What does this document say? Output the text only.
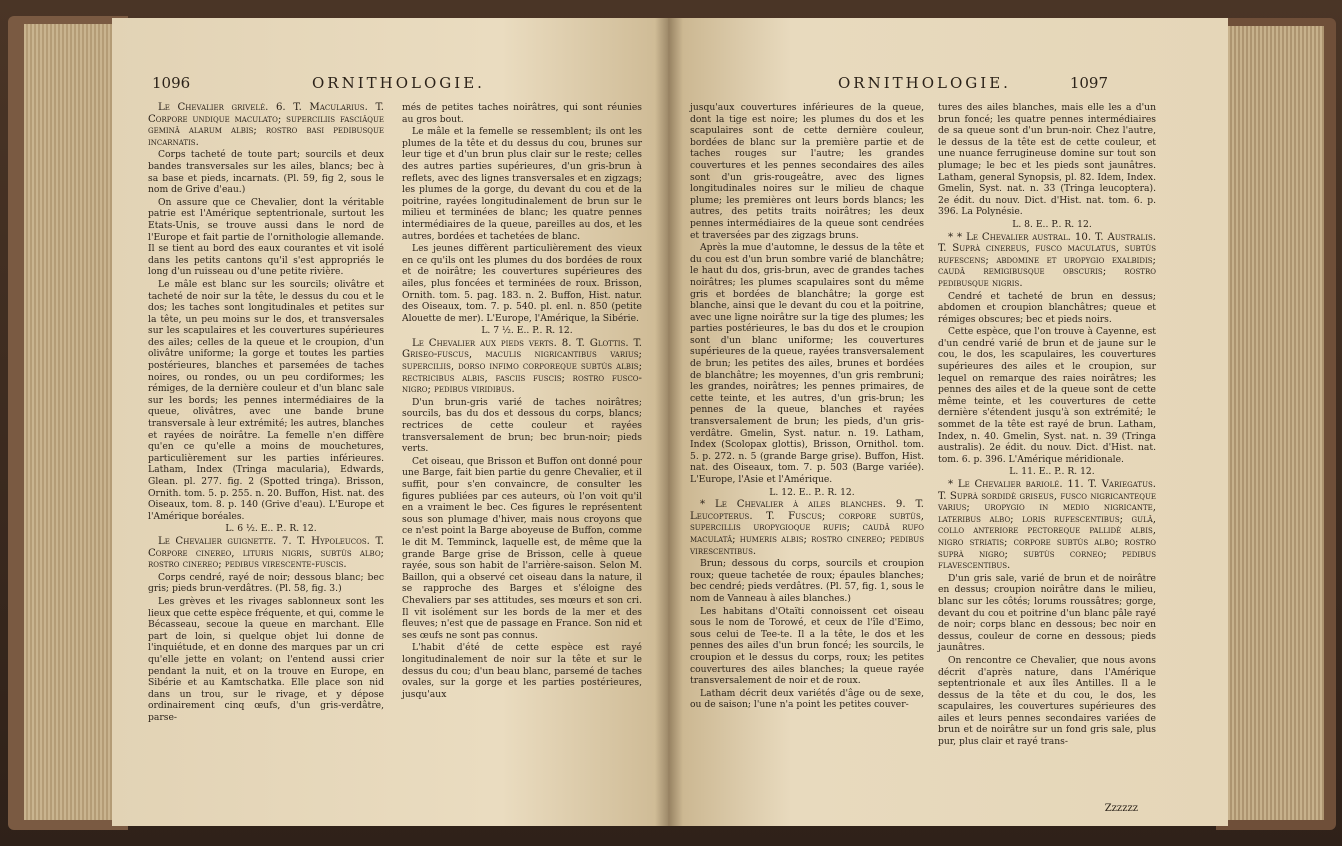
1096	ORNITHOLOGIE.

Le Chevalier grivelé. 6. T. Macularius. T. Corpore undique maculato; superciliis fasciâque geminâ alarum albis; rostro basi pedibusque incarnatis.

Corps tacheté de toute part; sourcils et deux bandes transversales sur les ailes, blancs; bec à sa base et pieds, incarnats. (Pl. 59, fig 2, sous le nom de Grive d'eau.)

On assure que ce Chevalier, dont la véritable patrie est l'Amérique septentrionale, surtout les Etats-Unis, se trouve aussi dans le nord de l'Europe et fait partie de l'ornithologie allemande. Il se tient au bord des eaux courantes et vit isolé dans les petits cantons qu'il s'est appropriés le long d'un ruisseau ou d'une petite rivière.

Le mâle est blanc sur les sourcils; olivâtre et tacheté de noir sur la tête, le dessus du cou et le dos; les taches sont longitudinales et petites sur la tête, un peu moins sur le dos, et transversales sur les scapulaires et les couvertures supérieures des ailes; celles de la queue et le croupion, d'un olivâtre uniforme; la gorge et toutes les parties postérieures, blanches et parsemées de taches noires, ou rondes, ou un peu cordiformes; les rémiges, de la dernière couleur et d'un blanc sale sur les bords; les pennes intermédiaires de la queue, olivâtres, avec une bande brune transversale à leur extrémité; les autres, blanches et rayées de noirâtre. La femelle n'en diffère qu'en ce qu'elle a moins de mouchetures, particulièrement sur les parties inférieures. Latham, Index (Tringa macularia), Edwards, Glean. pl. 277. fig. 2 (Spotted tringa). Brisson, Ornith. tom. 5. p. 255. n. 20. Buffon, Hist. nat. des Oiseaux, tom. 8. p. 140 (Grive d'eau). L'Europe et l'Amérique boréales.

L. 6 ½. E.. P.. R. 12.

Le Chevalier guignette. 7. T. Hypoleucos. T. Corpore cinereo, lituris nigris, subtùs albo; rostro cinereo; pedibus virescente-fuscis.

Corps cendré, rayé de noir; dessous blanc; bec gris; pieds brun-verdâtres. (Pl. 58, fig. 3.)

Les grèves et les rivages sablonneux sont les lieux que cette espèce fréquente, et qui, comme le Bécasseau, secoue la queue en marchant. Elle part de loin, si quelque objet lui donne de l'inquiétude, et en donne des marques par un cri qu'elle jette en volant; on l'entend aussi crier pendant la nuit, et on la trouve en Europe, en Sibérie et au Kamtschatka. Elle place son nid dans un trou, sur le rivage, et y dépose ordinairement cinq œufs, d'un gris-verdâtre, parse-

més de petites taches noirâtres, qui sont réunies au gros bout.

Le mâle et la femelle se ressemblent; ils ont les plumes de la tête et du dessus du cou, brunes sur leur tige et d'un brun plus clair sur le reste; celles des autres parties supérieures, d'un gris-brun à reflets, avec des lignes transversales et en zigzags; les plumes de la gorge, du devant du cou et de la poitrine, rayées longitudinalement de brun sur le milieu et terminées de blanc; les quatre pennes intermédiaires de la queue, pareilles au dos, et les autres, bordées et tachetées de blanc.

Les jeunes diffèrent particulièrement des vieux en ce qu'ils ont les plumes du dos bordées de roux et de noirâtre; les couvertures supérieures des ailes, plus foncées et terminées de roux. Brisson, Ornith. tom. 5. pag. 183. n. 2. Buffon, Hist. natur. des Oiseaux, tom. 7. p. 540. pl. enl. n. 850 (petite Alouette de mer). L'Europe, l'Amérique, la Sibérie.

L. 7 ½. E.. P.. R. 12.

Le Chevalier aux pieds verts. 8. T. Glottis. T. Griseo-fuscus, maculis nigricantibus varius; superciliis, dorso infimo corporeque subtùs albis; rectricibus albis, fasciis fuscis; rostro fusco-nigro; pedibus viridibus.

D'un brun-gris varié de taches noirâtres; sourcils, bas du dos et dessous du corps, blancs; rectrices de cette couleur et rayées transversalement de brun; bec brun-noir; pieds verts.

Cet oiseau, que Brisson et Buffon ont donné pour une Barge, fait bien partie du genre Chevalier, et il suffit, pour s'en convaincre, de consulter les figures publiées par ces auteurs, où l'on voit qu'il en a vraiment le bec. Ces figures le représentent sous son plumage d'hiver, mais nous croyons que ce n'est point la Barge aboyeuse de Buffon, comme le dit M. Temminck, laquelle est, de même que la grande Barge grise de Brisson, celle à queue rayée, sous son habit de l'arrière-saison. Selon M. Baillon, qui a observé cet oiseau dans la nature, il se rapproche des Barges et s'éloigne des Chevaliers par ses attitudes, ses mœurs et son cri. Il vit isolément sur les bords de la mer et des fleuves; n'est que de passage en France. Son nid et ses œufs ne sont pas connus.

L'habit d'été de cette espèce est rayé longitudinalement de noir sur la tête et sur le dessus du cou; d'un beau blanc, parsemé de taches ovales, sur la gorge et les parties postérieures, jusqu'aux

ORNITHOLOGIE.	1097

jusqu'aux couvertures inférieures de la queue, dont la tige est noire; les plumes du dos et les scapulaires sont de cette dernière couleur, bordées de blanc sur la première partie et de taches rouges sur l'autre; les grandes couvertures et les pennes secondaires des ailes sont d'un gris-rougeâtre, avec des lignes longitudinales noires sur le milieu de chaque plume; les premières ont leurs bords blancs; les autres, des petits traits noirâtres; les deux pennes intermédiaires de la queue sont cendrées et traversées par des zigzags bruns.

Après la mue d'automne, le dessus de la tête et du cou est d'un brun sombre varié de blanchâtre; le haut du dos, gris-brun, avec de grandes taches noirâtres; les plumes scapulaires sont du même gris et bordées de blanchâtre; la gorge est blanche, ainsi que le devant du cou et la poitrine, avec une ligne noirâtre sur la tige des plumes; les parties postérieures, le bas du dos et le croupion sont d'un blanc uniforme; les couvertures supérieures de la queue, rayées transversalement de brun; les petites des ailes, brunes et bordées de blanchâtre; les moyennes, d'un gris rembruni; les grandes, noirâtres; les pennes primaires, de cette teinte, et les autres, d'un gris-brun; les pennes de la queue, blanches et rayées transversalement de brun; les pieds, d'un gris-verdâtre. Gmelin, Syst. natur. n. 19. Latham, Index (Scolopax glottis), Brisson, Ornithol. tom. 5. p. 272. n. 5 (grande Barge grise). Buffon, Hist. nat. des Oiseaux, tom. 7. p. 503 (Barge variée). L'Europe, l'Asie et l'Amérique.

L. 12. E.. P.. R. 12.

* Le Chevalier à ailes blanches. 9. T. Leucopterus. T. Fuscus; corpore subtùs, supercillis uropygioque rufis; caudâ rufo maculatâ; humeris albis; rostro cinereo; pedibus virescentibus.

Brun; dessous du corps, sourcils et croupion roux; queue tachetée de roux; épaules blanches; bec cendré; pieds verdâtres. (Pl. 57, fig. 1, sous le nom de Vanneau à ailes blanches.)

Les habitans d'Otaïti connoissent cet oiseau sous le nom de Torowé, et ceux de l'île d'Eimo, sous celui de Tee-te. Il a la tête, le dos et les pennes des ailes d'un brun foncé; les sourcils, le croupion et le dessus du corps, roux; les petites couvertures des ailes blanches; la queue rayée transversalement de noir et de roux.

Latham décrit deux variétés d'âge ou de sexe, ou de saison; l'une n'a point les petites couver-

tures des ailes blanches, mais elle les a d'un brun foncé; les quatre pennes intermédiaires de sa queue sont d'un brun-noir. Chez l'autre, le dessus de la tête est de cette couleur, et une nuance ferrugineuse domine sur tout son plumage; le bec et les pieds sont jaunâtres. Latham, general Synopsis, pl. 82. Idem, Index. Gmelin, Syst. nat. n. 33 (Tringa leucoptera). 2e édit. du nouv. Dict. d'Hist. nat. tom. 6. p. 396. La Polynésie.

L. 8. E.. P.. R. 12.

* * Le Chevalier austral. 10. T. Australis. T. Suprà cinereus, fusco maculatus, subtùs rufescens; abdomine et uropygio exalbidis; caudâ remigibusque obscuris; rostro pedibusque nigris.

Cendré et tacheté de brun en dessus; abdomen et croupion blanchâtres; queue et rémiges obscures; bec et pieds noirs.

Cette espèce, que l'on trouve à Cayenne, est d'un cendré varié de brun et de jaune sur le cou, le dos, les scapulaires, les couvertures supérieures des ailes et le croupion, sur lequel on remarque des raies noirâtres; les pennes des ailes et de la queue sont de cette même teinte, et les couvertures de cette dernière s'étendent jusqu'à son extrémité; le sommet de la tête est rayé de brun. Latham, Index, n. 40. Gmelin, Syst. nat. n. 39 (Tringa australis). 2e édit. du nouv. Dict. d'Hist. nat. tom. 6. p. 396. L'Amérique méridionale.

L. 11. E.. P.. R. 12.

* Le Chevalier bariolé. 11. T. Variegatus. T. Suprà sordidè griseus, fusco nigricanteque varius; uropygio in medio nigricante, lateribus albo; loris rufescentibus; gulâ, collo anteriore pectoreque pallidè albis, nigro striatis; corpore subtùs albo; rostro suprà nigro; subtùs corneo; pedibus flavescentibus.

D'un gris sale, varié de brun et de noirâtre en dessus; croupion noirâtre dans le milieu, blanc sur les côtés; lorums roussâtres; gorge, devant du cou et poitrine d'un blanc pâle rayé de noir; corps blanc en dessous; bec noir en dessus, couleur de corne en dessous; pieds jaunâtres.

On rencontre ce Chevalier, que nous avons décrit d'après nature, dans l'Amérique septentrionale et aux îles Antilles. Il a le dessus de la tête et du cou, le dos, les scapulaires, les couvertures supérieures des ailes et leurs pennes secondaires variées de brun et de noirâtre sur un fond gris sale, plus pur, plus clair et rayé trans-

Zzzzzz
